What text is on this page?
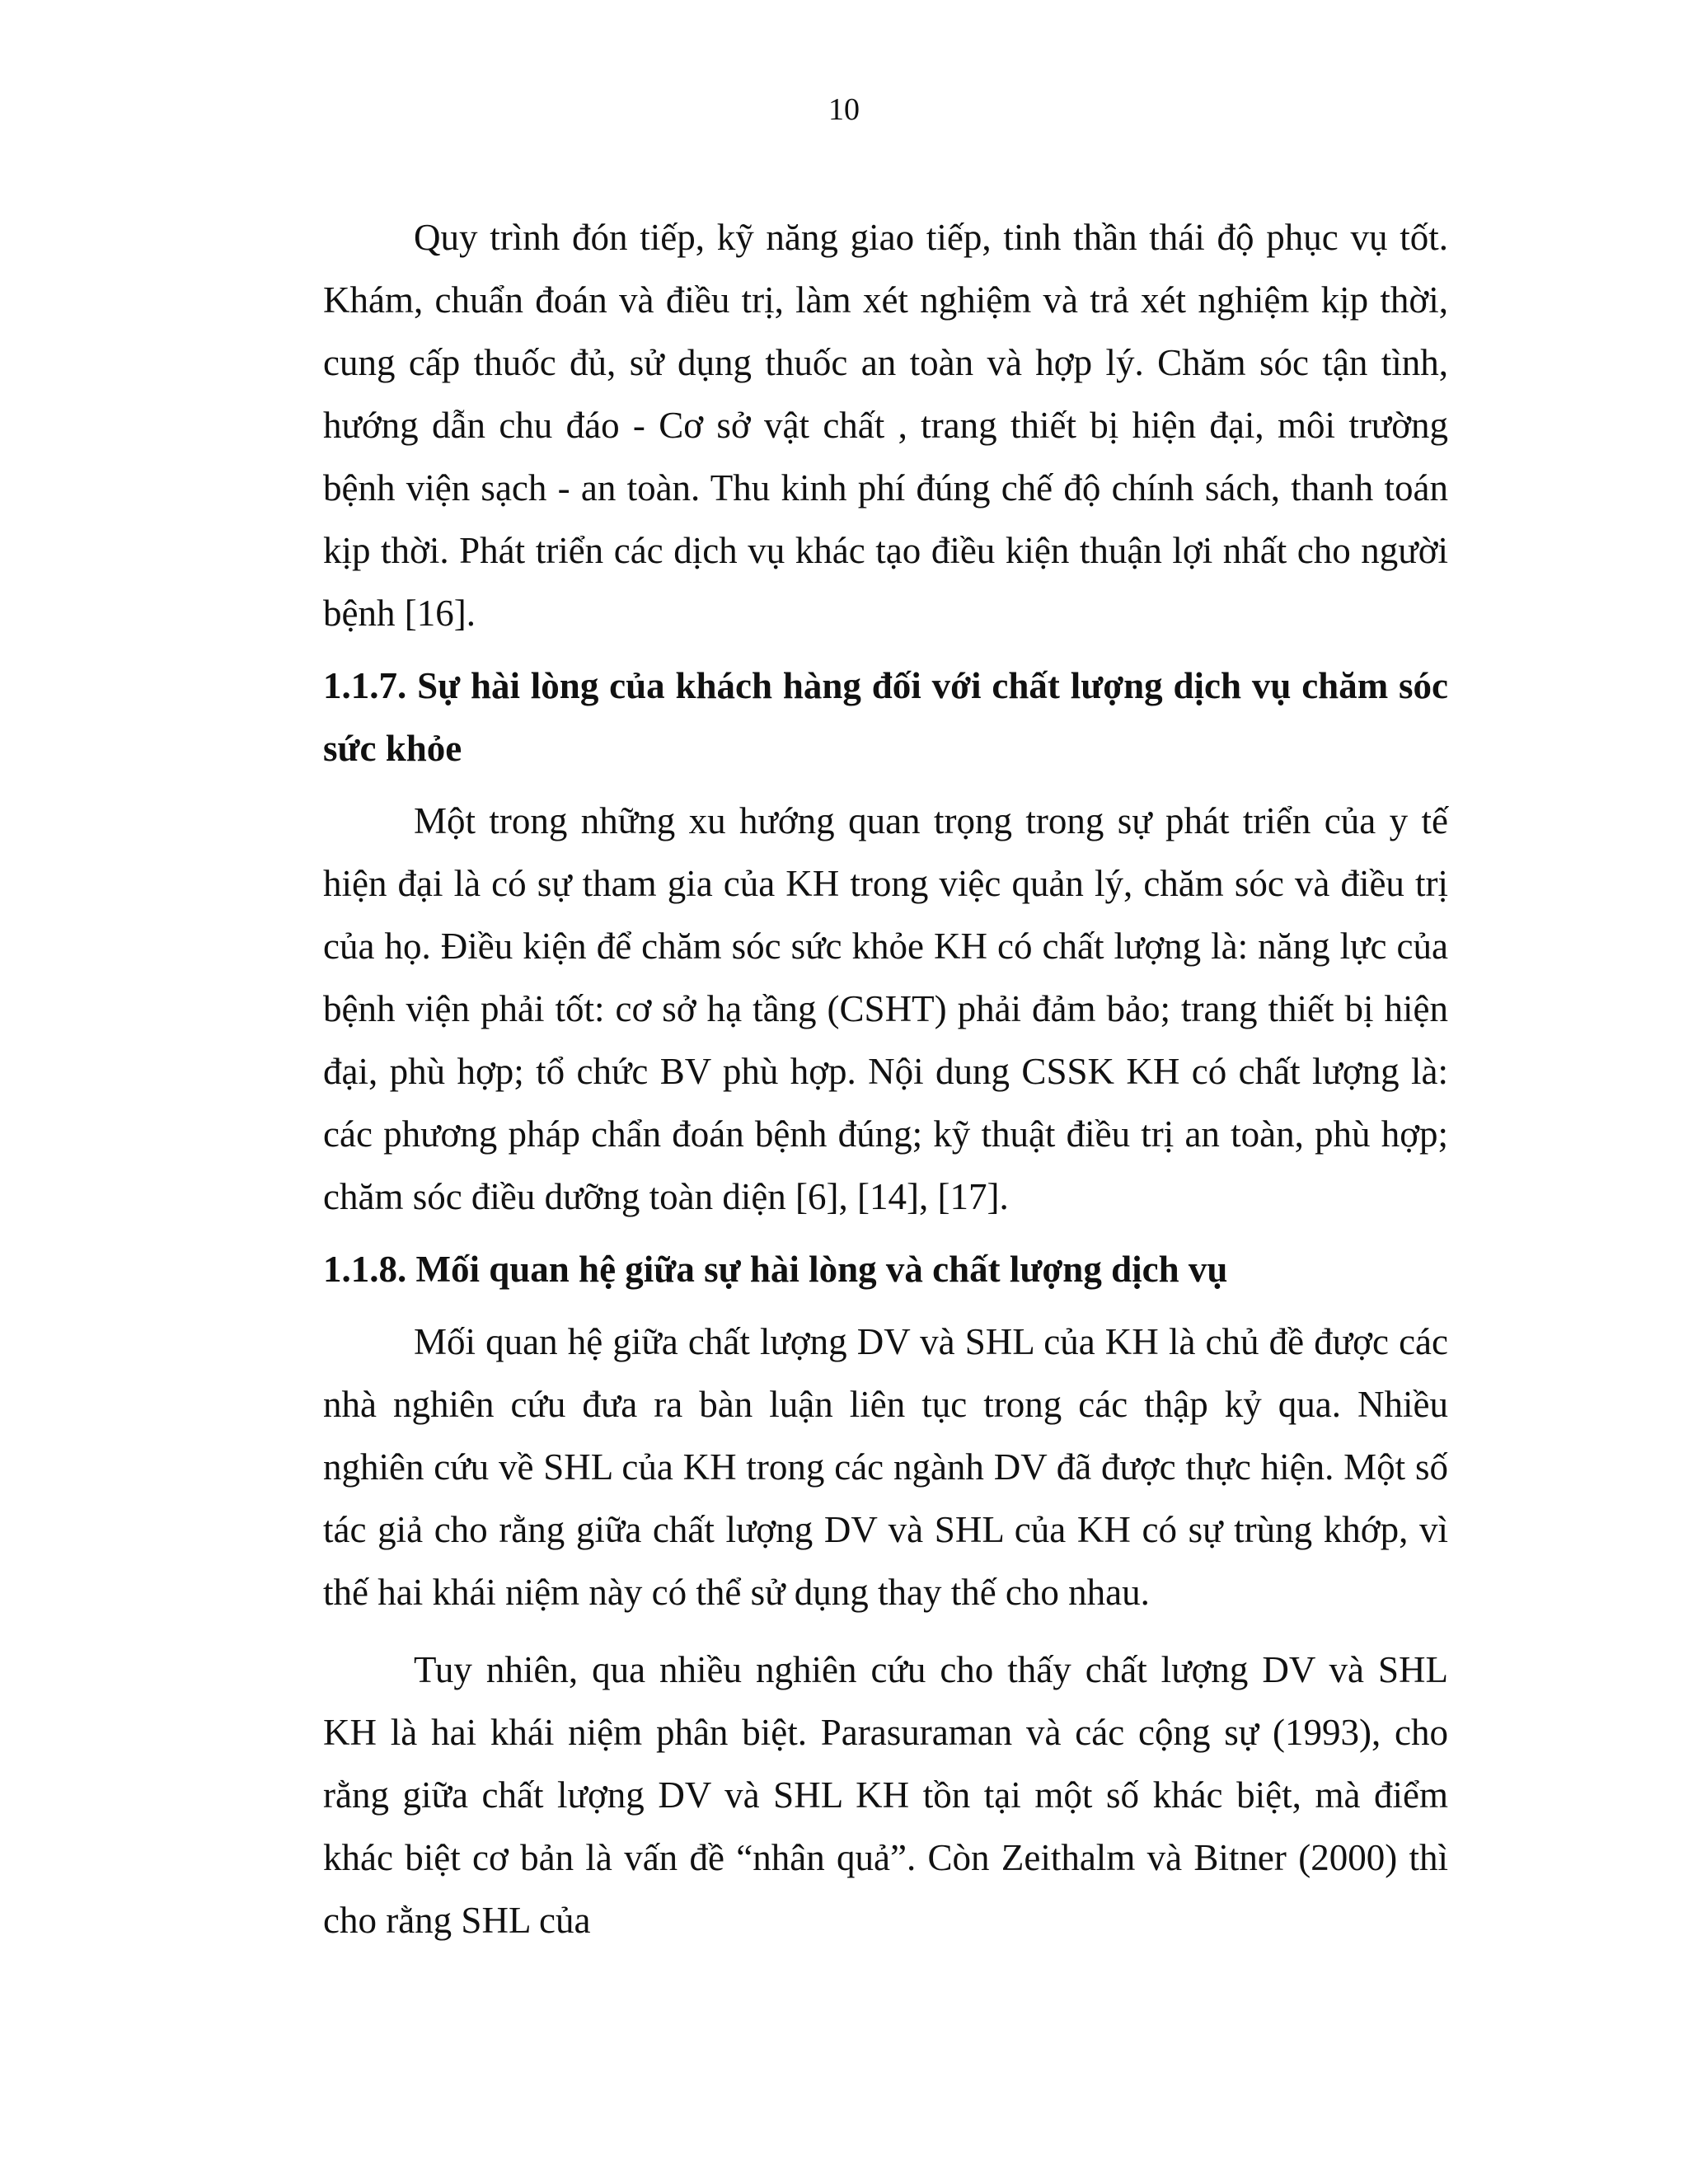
10

Quy trình đón tiếp, kỹ năng giao tiếp, tinh thần thái độ phục vụ tốt. Khám, chuẩn đoán và điều trị, làm xét nghiệm và trả xét nghiệm kịp thời, cung cấp thuốc đủ, sử dụng thuốc an toàn và hợp lý. Chăm sóc tận tình, hướng dẫn chu đáo - Cơ sở vật chất , trang thiết bị hiện đại, môi trường bệnh viện sạch - an toàn. Thu kinh phí đúng chế độ chính sách, thanh toán kịp thời. Phát triển các dịch vụ khác tạo điều kiện thuận lợi nhất cho người bệnh [16].

1.1.7. Sự hài lòng của khách hàng đối với chất lượng dịch vụ chăm sóc sức khỏe

Một trong những xu hướng quan trọng trong sự phát triển của y tế hiện đại là có sự tham gia của KH trong việc quản lý, chăm sóc và điều trị của họ. Điều kiện để chăm sóc sức khỏe KH có chất lượng là: năng lực của bệnh viện phải tốt: cơ sở hạ tầng (CSHT) phải đảm bảo; trang thiết bị hiện đại, phù hợp; tổ chức BV phù hợp. Nội dung CSSK KH có chất lượng là: các phương pháp chẩn đoán bệnh đúng; kỹ thuật điều trị an toàn, phù hợp; chăm sóc điều dưỡng toàn diện [6], [14], [17].

1.1.8. Mối quan hệ giữa sự hài lòng và chất lượng dịch vụ

Mối quan hệ giữa chất lượng DV và SHL của KH là chủ đề được các nhà nghiên cứu đưa ra bàn luận liên tục trong các thập kỷ qua. Nhiều nghiên cứu về SHL của KH trong các ngành DV đã được thực hiện. Một số tác giả cho rằng giữa chất lượng DV và SHL của KH có sự trùng khớp, vì thế hai khái niệm này có thể sử dụng thay thế cho nhau.

Tuy nhiên, qua nhiều nghiên cứu cho thấy chất lượng DV và SHL KH là hai khái niệm phân biệt. Parasuraman và các cộng sự (1993), cho rằng giữa chất lượng DV và SHL KH tồn tại một số khác biệt, mà điểm khác biệt cơ bản là vấn đề “nhân quả”. Còn Zeithalm và Bitner (2000) thì cho rằng SHL của
